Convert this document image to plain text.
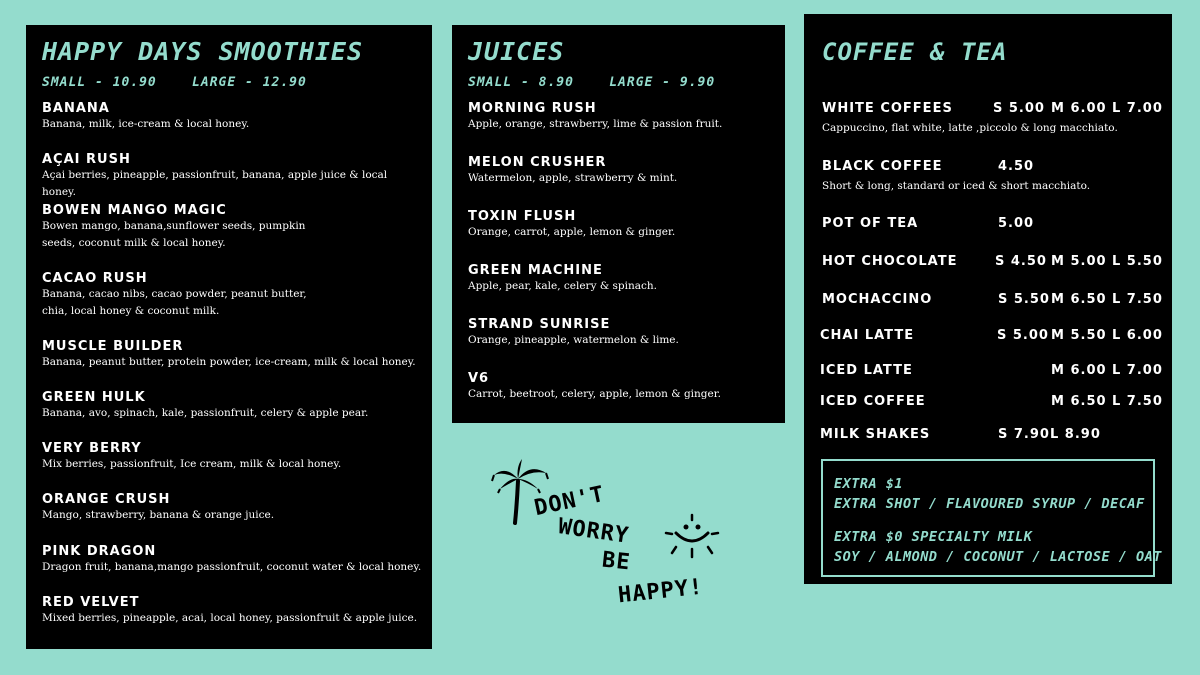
HAPPY DAYS SMOOTHIES
SMALL - 10.90    LARGE - 12.90
BANANA
Banana, milk, ice-cream & local honey.
AÇAI RUSH
Açai berries, pineapple, passionfruit, banana, apple juice & local honey.
BOWEN MANGO MAGIC
Bowen mango, banana,sunflower seeds, pumpkin
seeds, coconut milk & local honey.
CACAO RUSH
Banana, cacao nibs, cacao powder, peanut butter,
chia, local honey & coconut milk.
MUSCLE BUILDER
Banana, peanut butter, protein powder, ice-cream, milk & local honey.
GREEN HULK
Banana, avo, spinach, kale, passionfruit, celery & apple pear.
VERY BERRY
Mix berries, passionfruit, Ice cream, milk & local honey.
ORANGE CRUSH
Mango, strawberry, banana & orange juice.
PINK DRAGON
Dragon fruit, banana,mango passionfruit, coconut water & local honey.
RED VELVET
Mixed berries, pineapple, acai, local honey, passionfruit & apple juice.
JUICES
SMALL - 8.90    LARGE - 9.90
MORNING RUSH
Apple, orange, strawberry, lime & passion fruit.
MELON CRUSHER
Watermelon, apple, strawberry & mint.
TOXIN FLUSH
Orange, carrot, apple, lemon & ginger.
GREEN MACHINE
Apple, pear, kale, celery & spinach.
STRAND SUNRISE
Orange, pineapple, watermelon & lime.
V6
Carrot, beetroot, celery, apple, lemon & ginger.
COFFEE & TEA
WHITE COFFEES	S 5.00 M 6.00 L 7.00
Cappuccino, flat white, latte ,piccolo & long macchiato.
BLACK COFFEE	4.50
Short & long, standard or iced & short macchiato.
POT OF TEA	5.00
HOT CHOCOLATE	S 4.50 M 5.00 L 5.50
MOCHACCINO	S 5.50 M 6.50 L 7.50
CHAI LATTE	S 5.00 M 5.50 L 6.00
ICED LATTE	M 6.00 L 7.00
ICED COFFEE	M 6.50 L 7.50
MILK SHAKES	S 7.90 L 8.90
EXTRA $1
EXTRA SHOT / FLAVOURED SYRUP / DECAF
EXTRA $0 SPECIALTY MILK
SOY / ALMOND / COCONUT / LACTOSE / OAT
DON'T
WORRY
BE
HAPPY!
